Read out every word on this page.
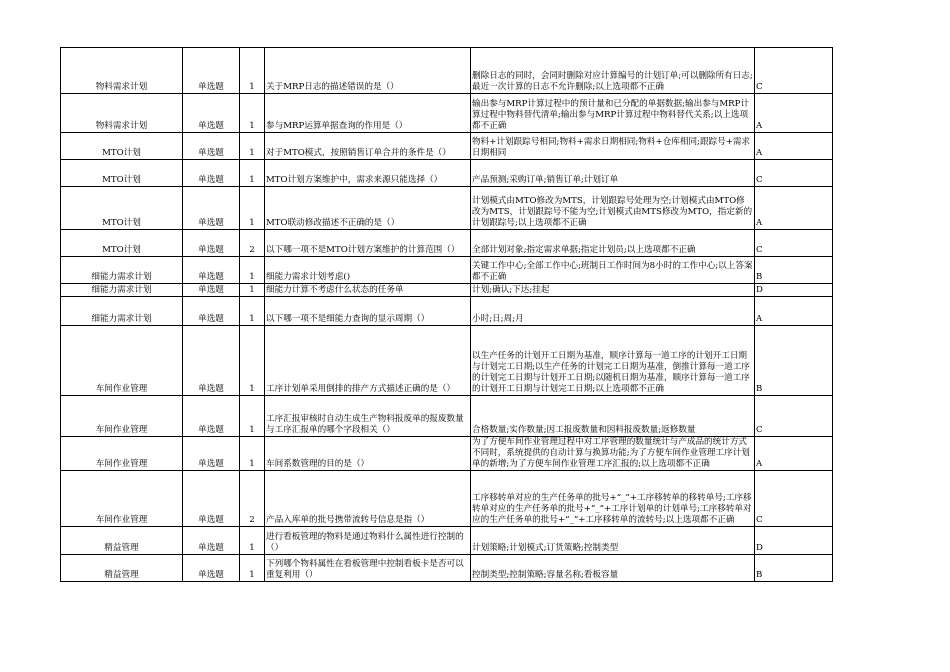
物料需求计划	单选题	1	关于MRP日志的描述错误的是（）	删除日志的同时，会同时删除对应计算编号的计划订单;可以删除所有日志;最近一次计算的日志不允许删除;以上选项都不正确	C
物料需求计划	单选题	1	参与MRP运算单据查询的作用是（）	输出参与MRP计算过程中的预计量和已分配的单据数据;输出参与MRP计算过程中物料替代清单;输出参与MRP计算过程中物料替代关系;以上选项都不正确	A
MTO计划	单选题	1	对于MTO模式，按照销售订单合并的条件是（）	物料+计划跟踪号相同;物料+需求日期相同;物料+仓库相同;跟踪号+需求日期相同	A
MTO计划	单选题	1	MTO计划方案维护中，需求来源只能选择（）	产品预测;采购订单;销售订单;计划订单	C
MTO计划	单选题	1	MTO联动修改描述不正确的是（）	计划模式由MTO修改为MTS，计划跟踪号处理为空;计划模式由MTO修改为MTS，计划跟踪号不能为空;计划模式由MTS修改为MTO，指定新的计划跟踪号;以上选项都不正确	A
MTO计划	单选题	2	以下哪一项不是MTO计划方案维护的计算范围（）	全部计划对象;指定需求单据;指定计划员;以上选项都不正确	C
细能力需求计划	单选题	1	细能力需求计划考虑()	关键工作中心;全部工作中心;班制日工作时间为8小时的工作中心;以上答案都不正确	B
细能力需求计划	单选题	1	细能力计算不考虑什么状态的任务单	计划;确认;下达;挂起	D
细能力需求计划	单选题	1	以下哪一项不是细能力查询的显示周期（）	小时;日;周;月	A
车间作业管理	单选题	1	工序计划单采用倒排的排产方式描述正确的是（）	以生产任务的计划开工日期为基准，顺序计算每一道工序的计划开工日期与计划完工日期;以生产任务的计划完工日期为基准，倒推计算每一道工序的计划完工日期与计划开工日期;以随机日期为基准，顺序计算每一道工序的计划开工日期与计划完工日期;以上选项都不正确	B
车间作业管理	单选题	1	工序汇报审核时自动生成生产物料报废单的报废数量与工序汇报单的哪个字段相关（）	合格数量;实作数量;因工报废数量和因料报废数量;返修数量	C
车间作业管理	单选题	1	车间系数管理的目的是（）	为了方便车间作业管理过程中对工序管理的数量统计与产成品的统计方式不同时，系统提供的自动计算与换算功能;为了方便车间作业管理工序计划单的新增;为了方便车间作业管理工序汇报的;以上选项都不正确	A
车间作业管理	单选题	2	产品入库单的批号携带流转号信息是指（）	工序移转单对应的生产任务单的批号+“_”+工序移转单的移转单号;工序移转单对应的生产任务单的批号+“_”+工序计划单的计划单号;工序移转单对应的生产任务单的批号+“_”+工序移转单的流转号;以上选项都不正确	C
精益管理	单选题	1	进行看板管理的物料是通过物料什么属性进行控制的（）	计划策略;计划模式;订货策略;控制类型	D
精益管理	单选题	1	下列哪个物料属性在看板管理中控制看板卡是否可以重复利用（）	控制类型;控制策略;容量名称;看板容量	B
